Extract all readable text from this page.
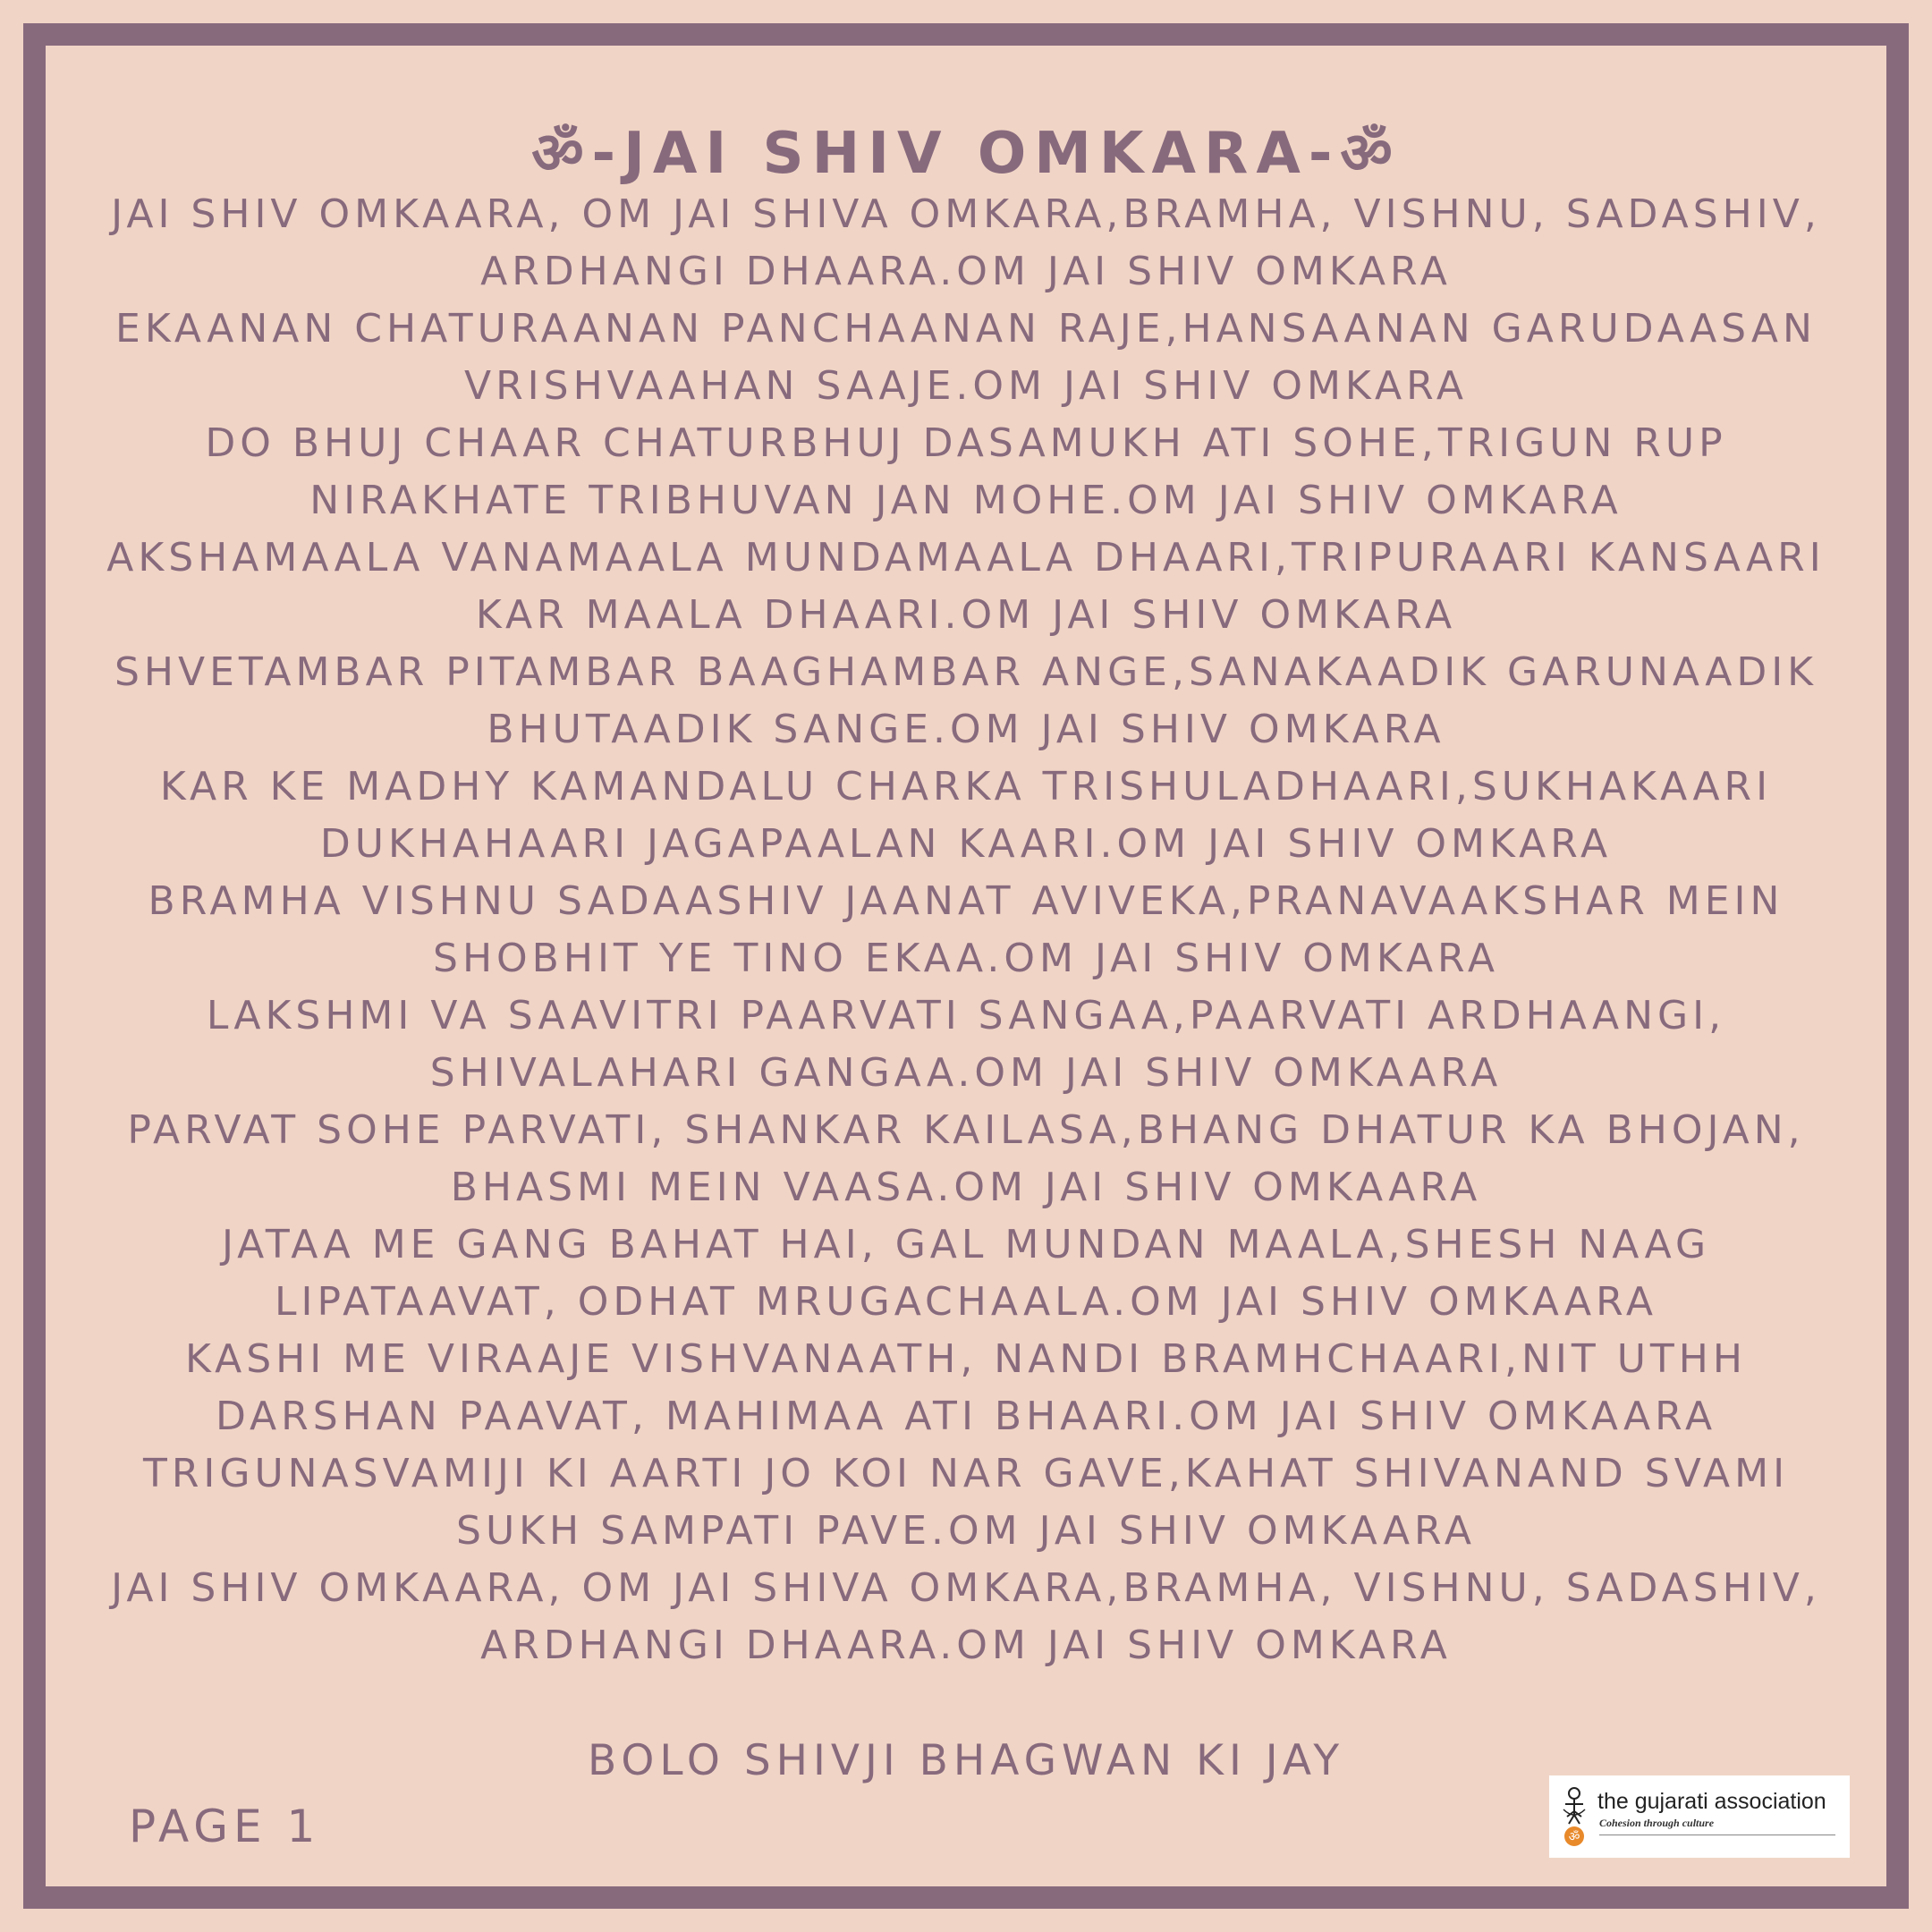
ॐ-JAI SHIV OMKARA-ॐ
JAI SHIV OMKAARA, OM JAI SHIVA OMKARA,BRAMHA, VISHNU, SADASHIV,
ARDHANGI DHAARA.OM JAI SHIV OMKARA
EKAANAN CHATURAANAN PANCHAANAN RAJE,HANSAANAN GARUDAASAN
VRISHVAAHAN SAAJE.OM JAI SHIV OMKARA
DO BHUJ CHAAR CHATURBHUJ DASAMUKH ATI SOHE,TRIGUN RUP
NIRAKHATE TRIBHUVAN JAN MOHE.OM JAI SHIV OMKARA
AKSHAMAALA VANAMAALA MUNDAMAALA DHAARI,TRIPURAARI KANSAARI
KAR MAALA DHAARI.OM JAI SHIV OMKARA
SHVETAMBAR PITAMBAR BAAGHAMBAR ANGE,SANAKAADIK GARUNAADIK
BHUTAADIK SANGE.OM JAI SHIV OMKARA
KAR KE MADHY KAMANDALU CHARKA TRISHULADHAARI,SUKHAKAARI
DUKHAHAARI JAGAPAALAN KAARI.OM JAI SHIV OMKARA
BRAMHA VISHNU SADAASHIV JAANAT AVIVEKA,PRANAVAAKSHAR MEIN
SHOBHIT YE TINO EKAA.OM JAI SHIV OMKARA
LAKSHMI VA SAAVITRI PAARVATI SANGAA,PAARVATI ARDHAANGI,
SHIVALAHARI GANGAA.OM JAI SHIV OMKAARA
PARVAT SOHE PARVATI, SHANKAR KAILASA,BHANG DHATUR KA BHOJAN,
BHASMI MEIN VAASA.OM JAI SHIV OMKAARA
JATAA ME GANG BAHAT HAI, GAL MUNDAN MAALA,SHESH NAAG
LIPATAAVAT, ODHAT MRUGACHAALA.OM JAI SHIV OMKAARA
KASHI ME VIRAAJE VISHVANAATH, NANDI BRAMHCHAARI,NIT UTHH
DARSHAN PAAVAT, MAHIMAA ATI BHAARI.OM JAI SHIV OMKAARA
TRIGUNASVAMIJI KI AARTI JO KOI NAR GAVE,KAHAT SHIVANAND SVAMI
SUKH SAMPATI PAVE.OM JAI SHIV OMKAARA
JAI SHIV OMKAARA, OM JAI SHIVA OMKARA,BRAMHA, VISHNU, SADASHIV,
ARDHANGI DHAARA.OM JAI SHIV OMKARA
BOLO SHIVJI BHAGWAN KI JAY
PAGE 1	ॐ
the gujarati association
Cohesion through culture
